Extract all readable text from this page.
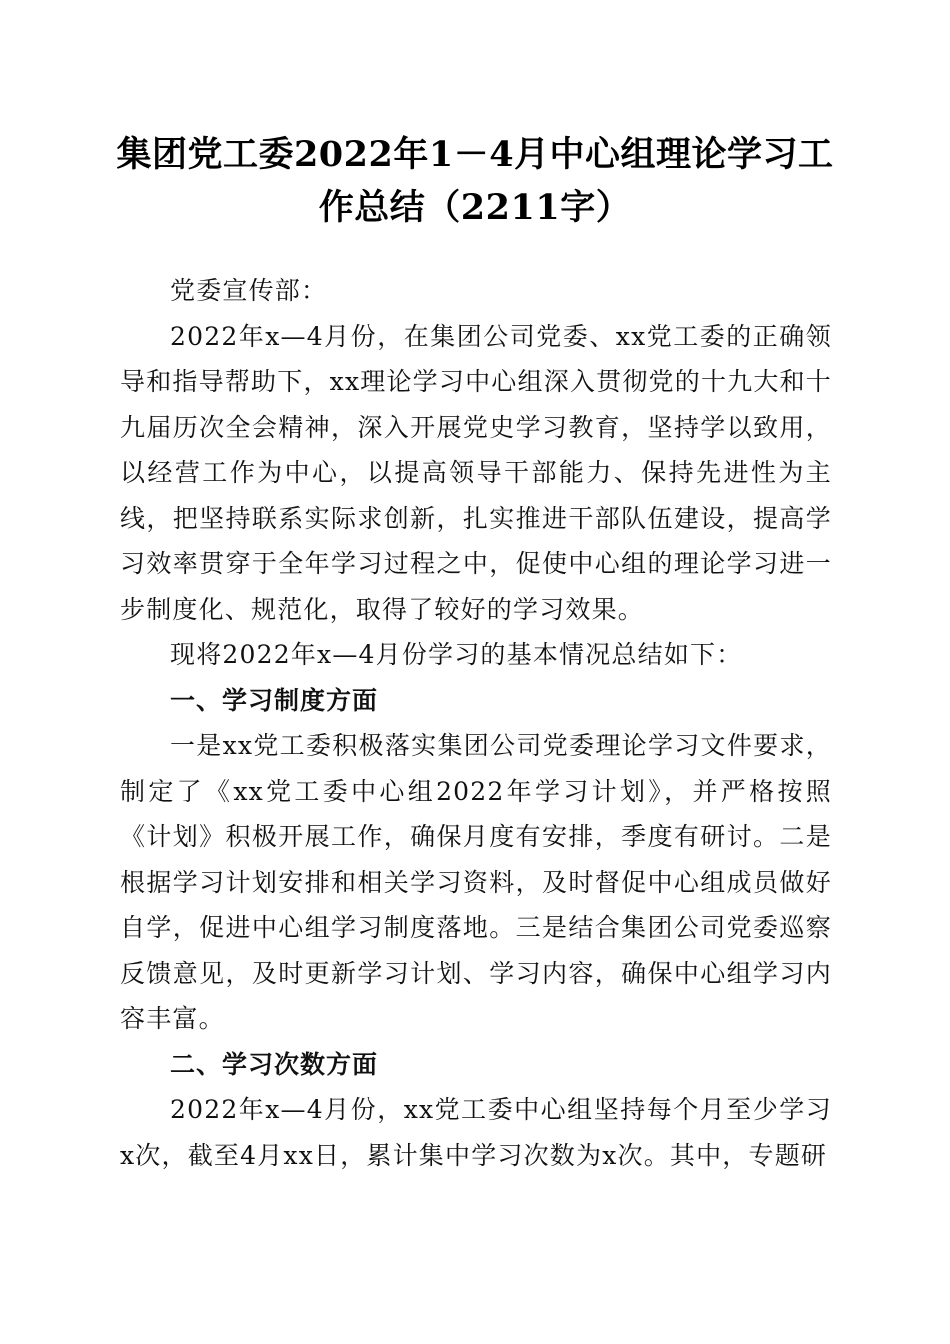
集团党工委2022年1－4月中心组理论学习工
作总结（2211字）

党委宣传部：

2022年x—4月份，在集团公司党委、xx党工委的正确领导和指导帮助下，xx理论学习中心组深入贯彻党的十九大和十九届历次全会精神，深入开展党史学习教育，坚持学以致用，以经营工作为中心，以提高领导干部能力、保持先进性为主线，把坚持联系实际求创新，扎实推进干部队伍建设，提高学习效率贯穿于全年学习过程之中，促使中心组的理论学习进一步制度化、规范化，取得了较好的学习效果。

现将2022年x—4月份学习的基本情况总结如下：

一、学习制度方面

一是xx党工委积极落实集团公司党委理论学习文件要求，制定了《xx党工委中心组2022年学习计划》，并严格按照《计划》积极开展工作，确保月度有安排，季度有研讨。二是根据学习计划安排和相关学习资料，及时督促中心组成员做好自学，促进中心组学习制度落地。三是结合集团公司党委巡察反馈意见，及时更新学习计划、学习内容，确保中心组学习内容丰富。

二、学习次数方面

2022年x—4月份，xx党工委中心组坚持每个月至少学习x次，截至4月xx日，累计集中学习次数为x次。其中，专题研
